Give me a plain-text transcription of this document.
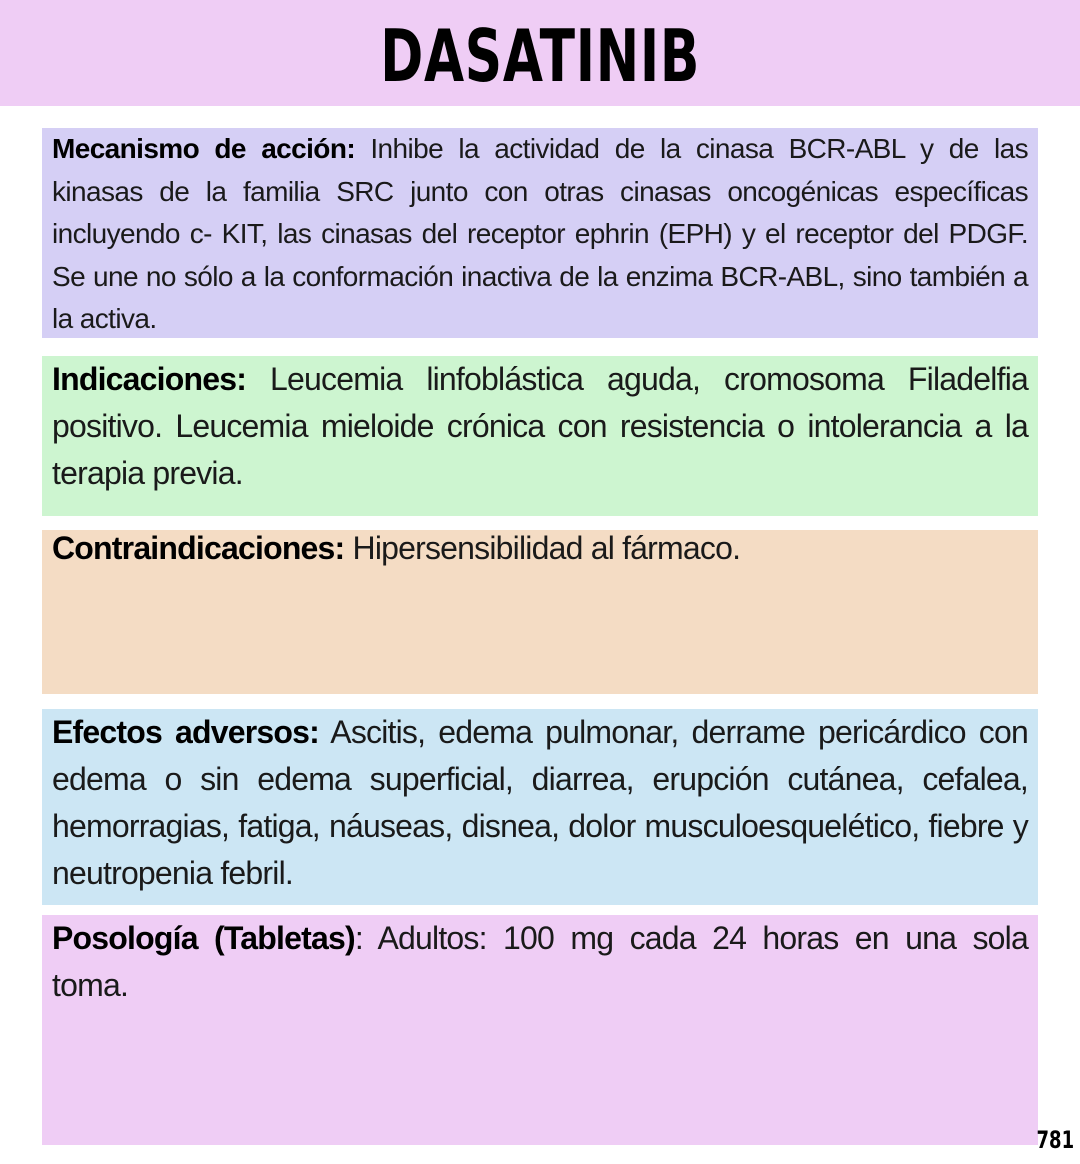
DASATINIB

Mecanismo de acción: Inhibe la actividad de la cinasa BCR-ABL y de las kinasas de la familia SRC junto con otras cinasas oncogénicas específicas incluyendo c- KIT, las cinasas del receptor ephrin (EPH) y el receptor del PDGF. Se une no sólo a la conformación inactiva de la enzima BCR-ABL, sino también a la activa.

Indicaciones: Leucemia linfoblástica aguda, cromosoma Filadelfia positivo. Leucemia mieloide crónica con resistencia o intolerancia a la terapia previa.

Contraindicaciones: Hipersensibilidad al fármaco.

Efectos adversos: Ascitis, edema pulmonar, derrame pericárdico con edema o sin edema superficial, diarrea, erupción cutánea, cefalea, hemorragias, fatiga, náuseas, disnea, dolor musculoesquelético, fiebre y neutropenia febril.

Posología (Tabletas): Adultos: 100 mg cada 24 horas en una sola toma.

781
